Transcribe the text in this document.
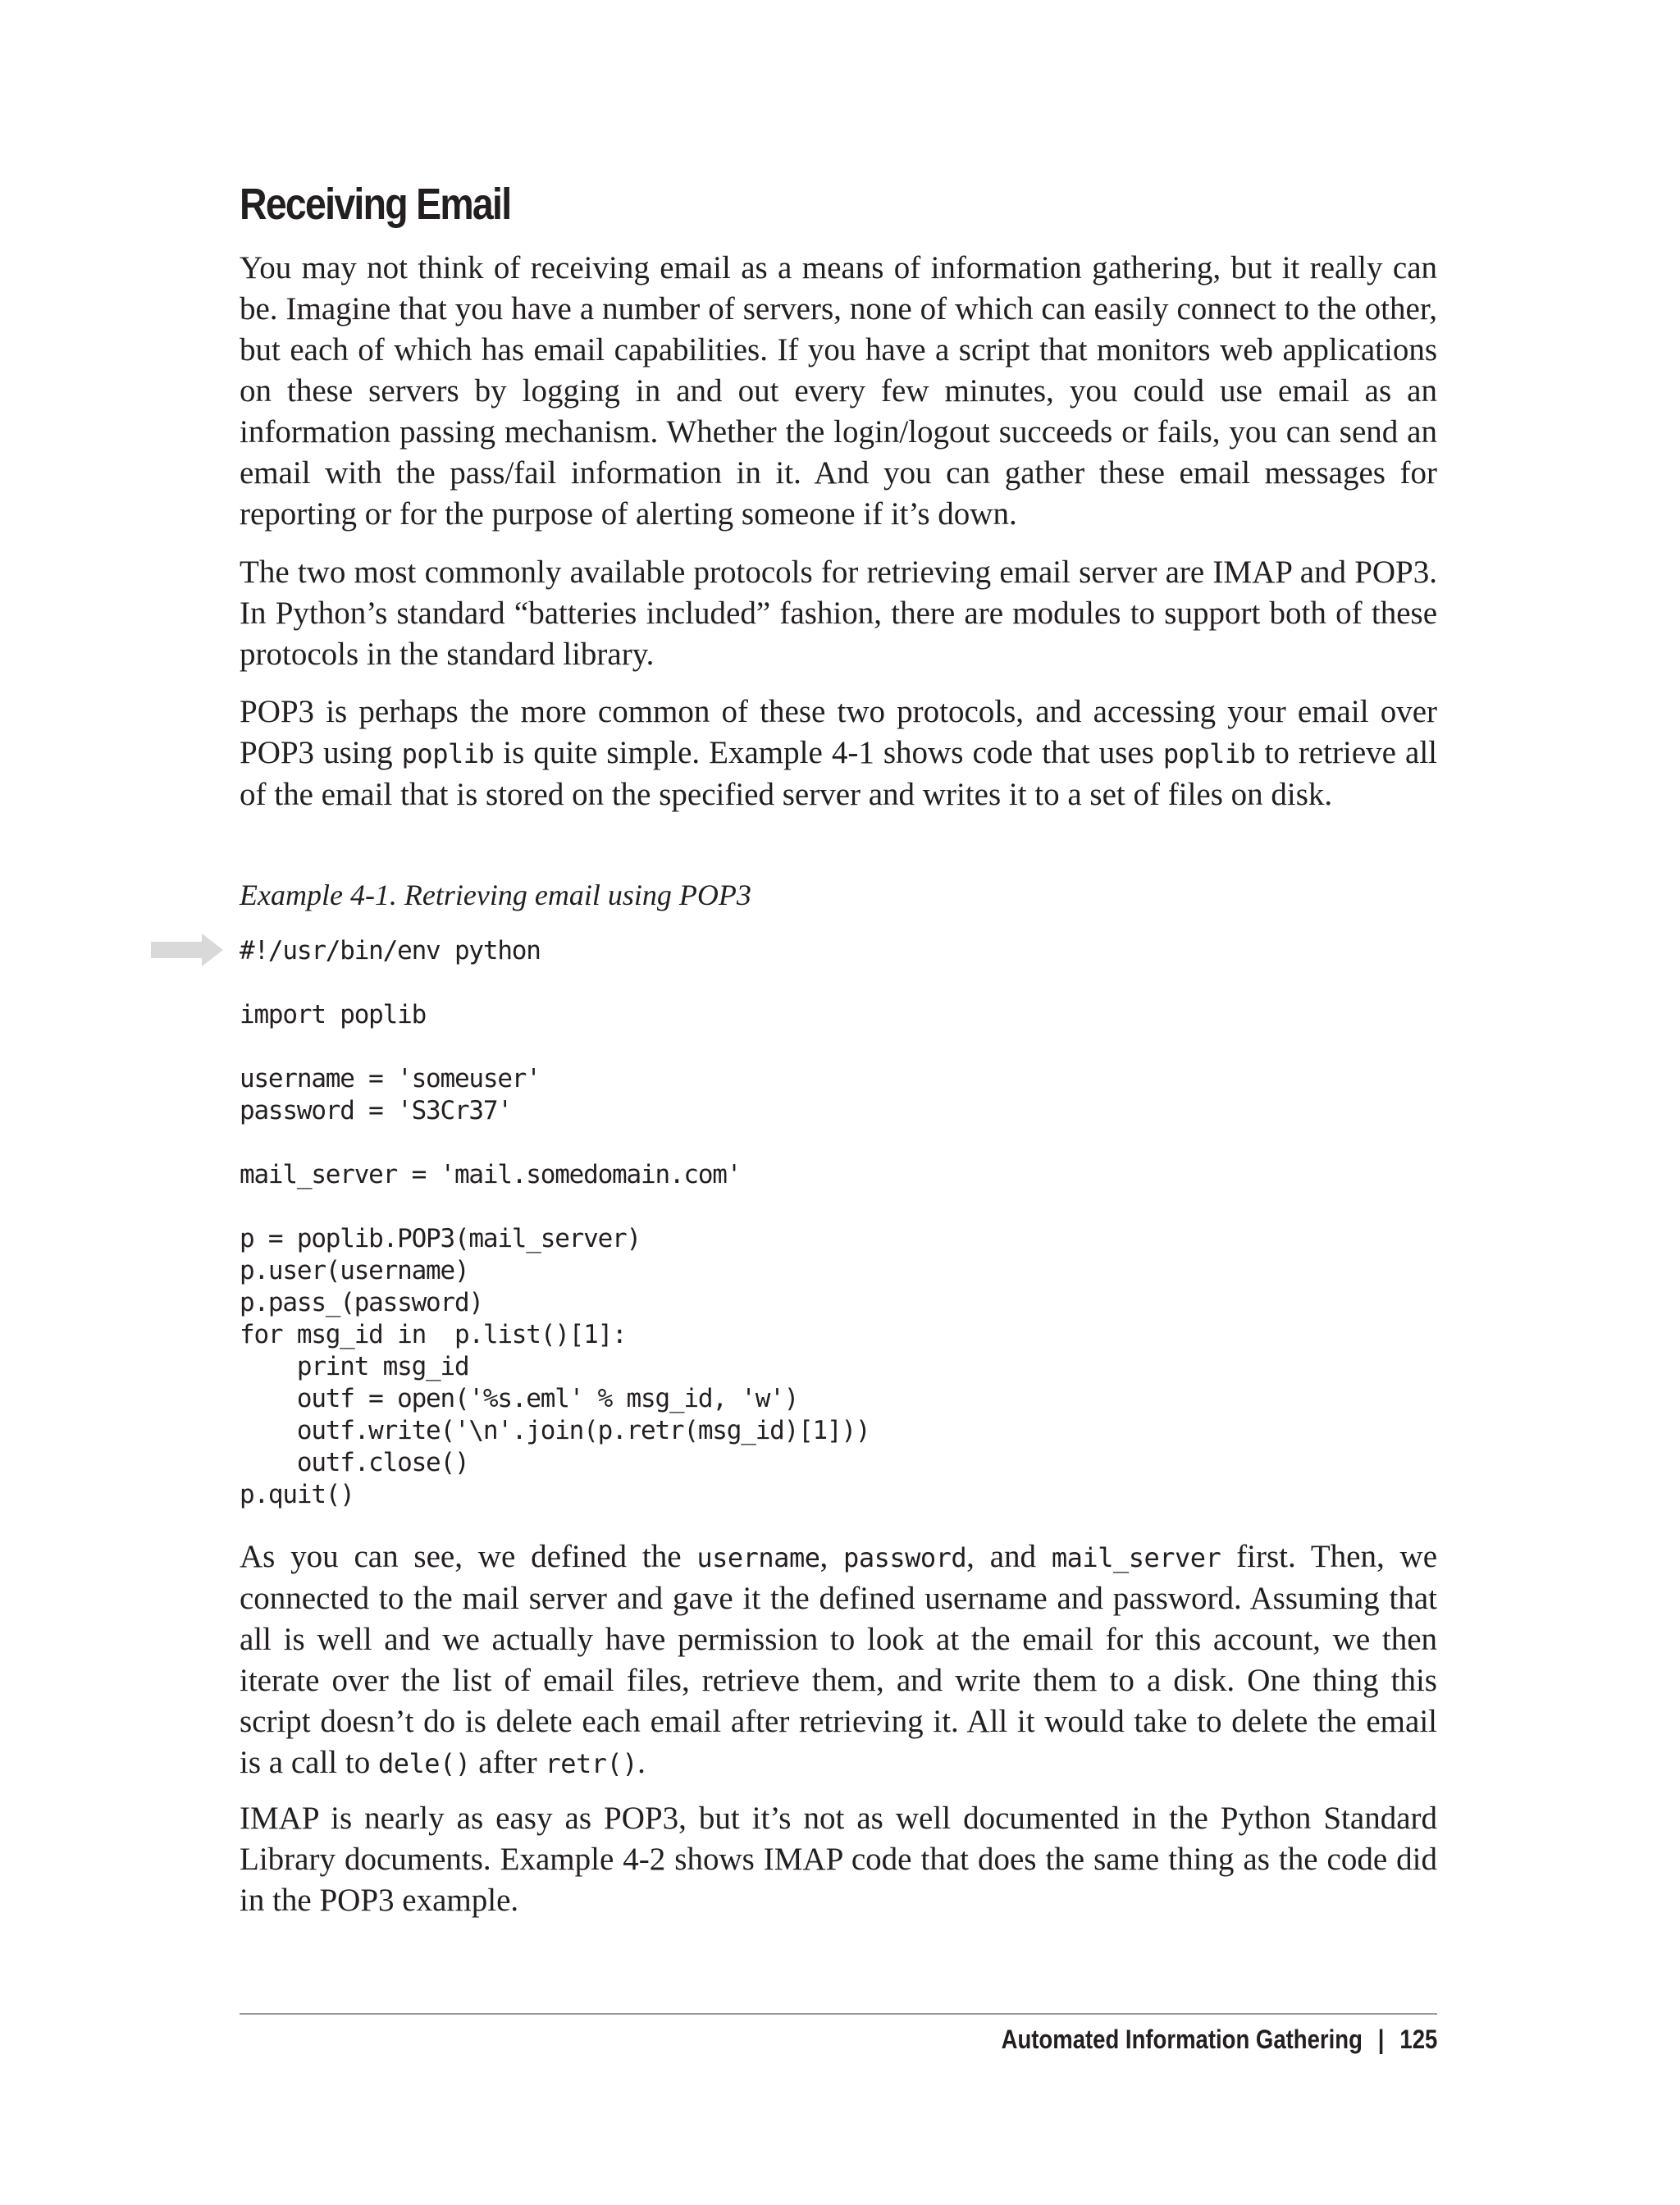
Receiving Email

You may not think of receiving email as a means of information gathering, but it really can be. Imagine that you have a number of servers, none of which can easily connect to the other, but each of which has email capabilities. If you have a script that monitors web applications on these servers by logging in and out every few minutes, you could use email as an information passing mechanism. Whether the login/logout succeeds or fails, you can send an email with the pass/fail information in it. And you can gather these email messages for reporting or for the purpose of alerting someone if it’s down.

The two most commonly available protocols for retrieving email server are IMAP and POP3. In Python’s standard “batteries included” fashion, there are modules to support both of these protocols in the standard library.

POP3 is perhaps the more common of these two protocols, and accessing your email over POP3 using poplib is quite simple. Example 4-1 shows code that uses poplib to retrieve all of the email that is stored on the specified server and writes it to a set of files on disk.

Example 4-1. Retrieving email using POP3

#!/usr/bin/env python

import poplib

username = 'someuser'
password = 'S3Cr37'

mail_server = 'mail.somedomain.com'

p = poplib.POP3(mail_server)
p.user(username)
p.pass_(password)
for msg_id in  p.list()[1]:
print msg_id
outf = open('%s.eml' % msg_id, 'w')
outf.write('\n'.join(p.retr(msg_id)[1]))
outf.close()
p.quit()

As you can see, we defined the username, password, and mail_server first. Then, we connected to the mail server and gave it the defined username and password. Assuming that all is well and we actually have permission to look at the email for this account, we then iterate over the list of email files, retrieve them, and write them to a disk. One thing this script doesn’t do is delete each email after retrieving it. All it would take to delete the email is a call to dele() after retr().

IMAP is nearly as easy as POP3, but it’s not as well documented in the Python Standard Library documents. Example 4-2 shows IMAP code that does the same thing as the code did in the POP3 example.

Automated Information Gathering | 125
